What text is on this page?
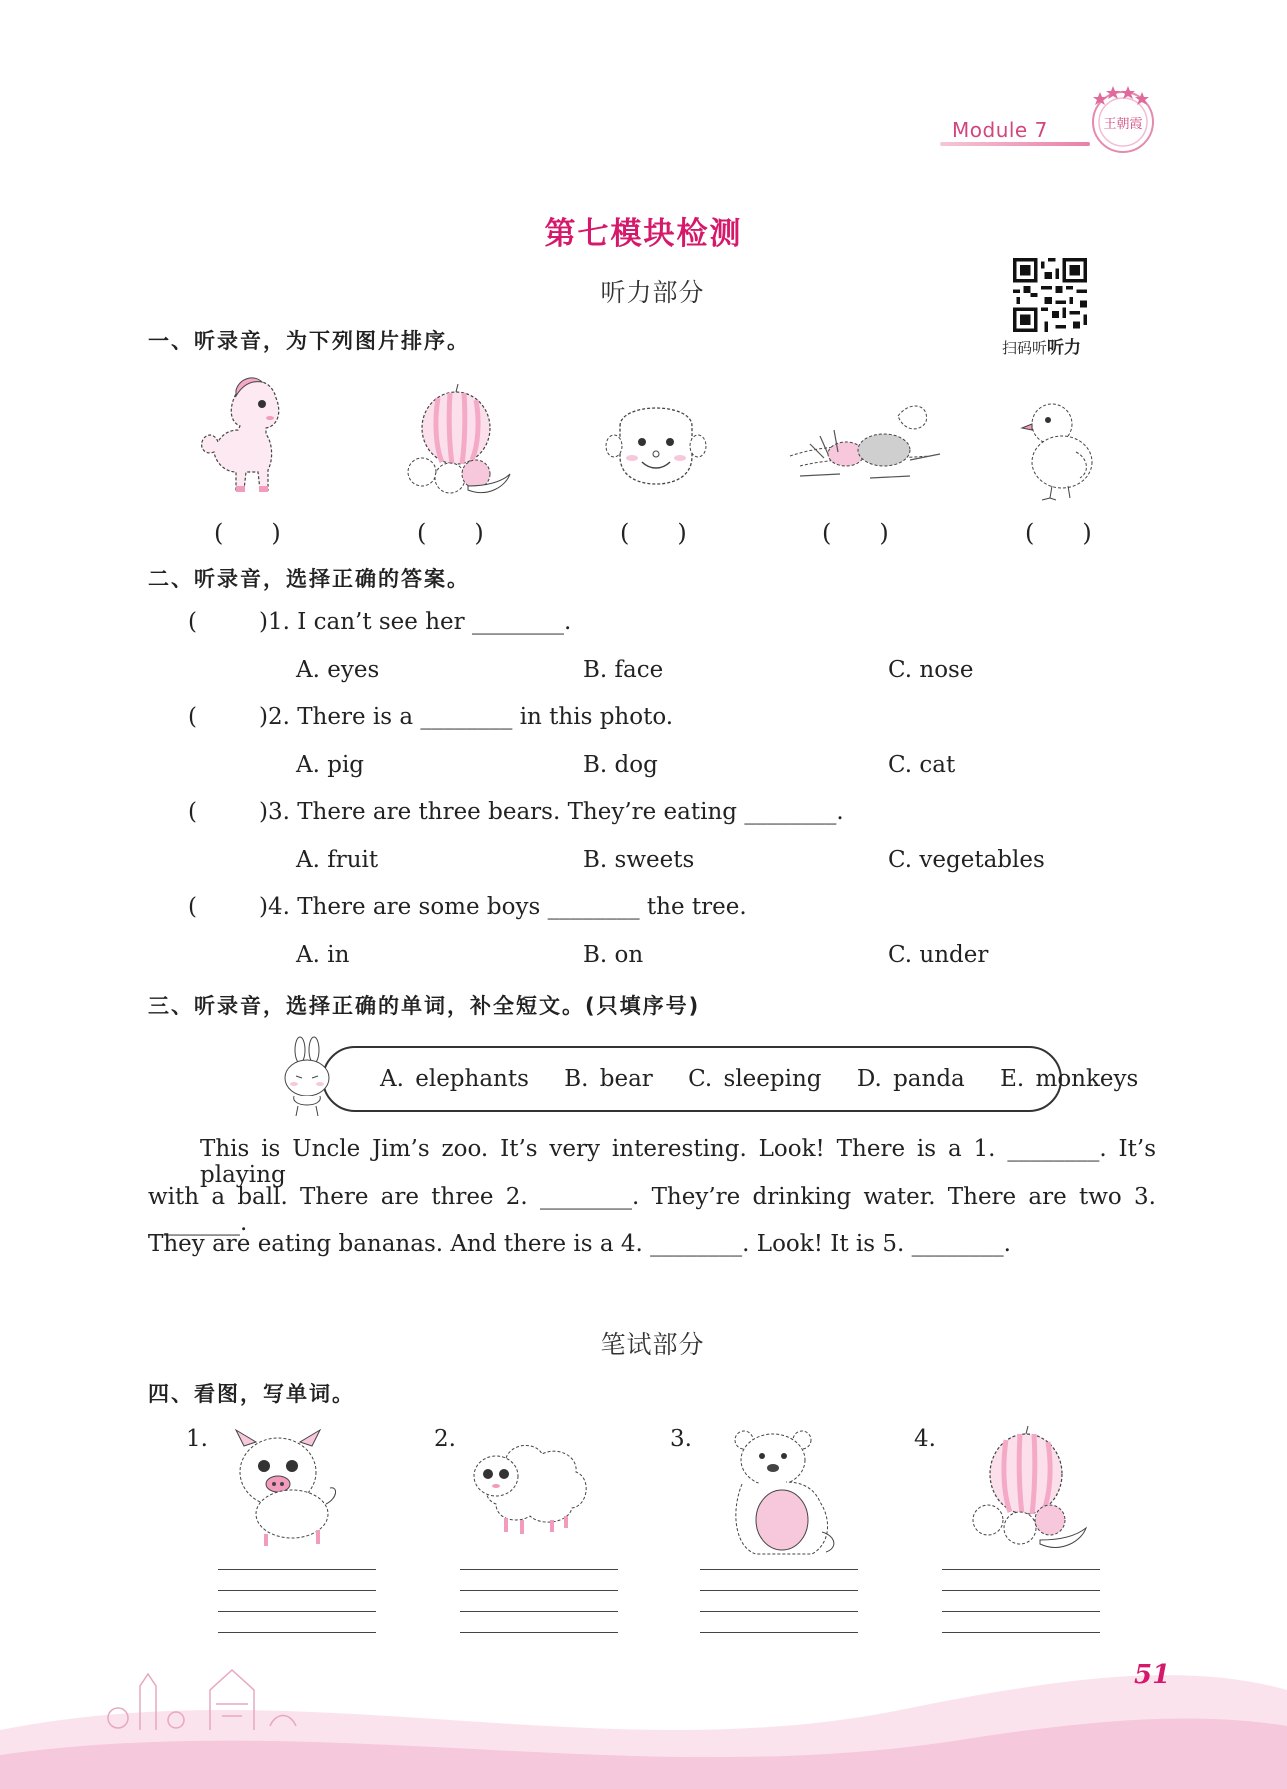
Module 7	王朝霞
第七模块检测
听力部分
扫码听听力
一、听录音，为下列图片排序。
(　　)	(　　)	(　　)	(　　)	(　　)
二、听录音，选择正确的答案。
(	)1. I can’t see her ________.
A. eyes	B. face	C. nose
(	)2. There is a ________ in this photo.
A. pig	B. dog	C. cat
(	)3. There are three bears. They’re eating ________.
A. fruit	B. sweets	C. vegetables
(	)4. There are some boys ________ the tree.
A. in	B. on	C. under
三、听录音，选择正确的单词，补全短文。(只填序号)
A. elephants B. bear C. sleeping D. panda E. monkeys
This is Uncle Jim’s zoo. It’s very interesting. Look! There is a 1. ________. It’s playing
with a ball. There are three 2. ________. They’re drinking water. There are two 3. ________.
They are eating bananas. And there is a 4. ________. Look! It is 5. ________.
笔试部分
四、看图，写单词。
1.	2.	3.	4.
51
